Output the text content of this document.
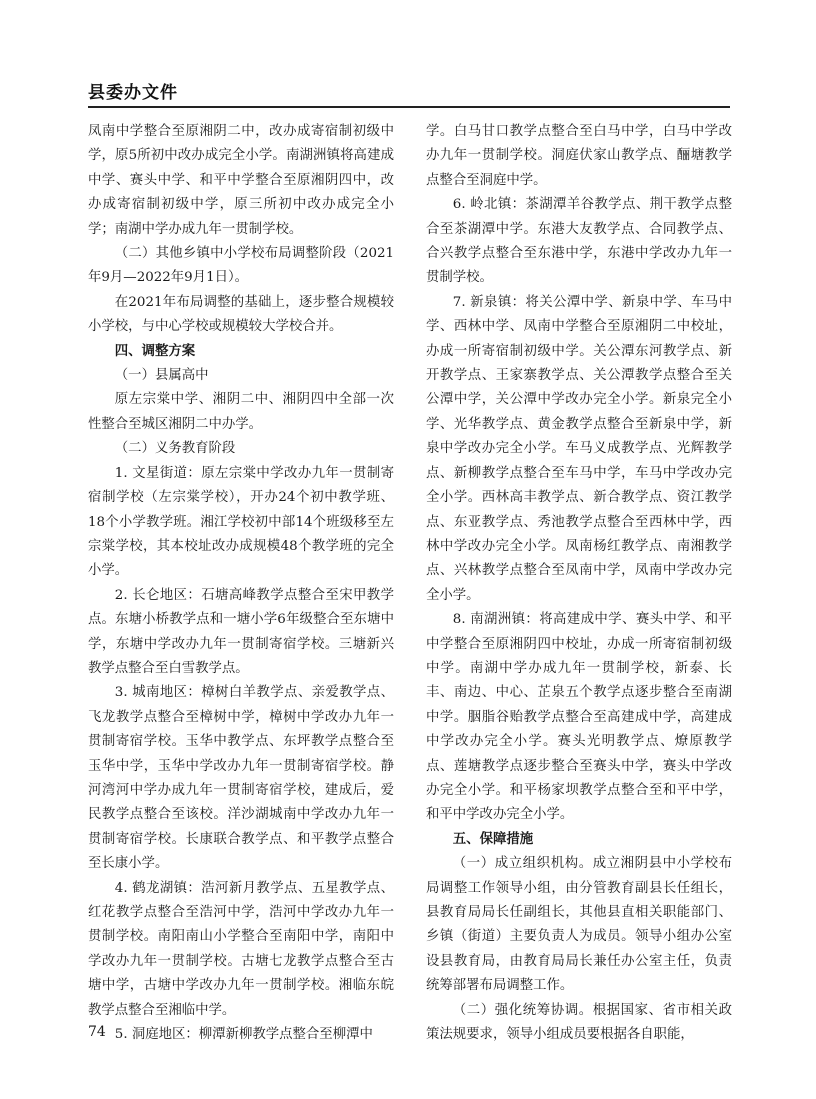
县委办文件

凤南中学整合至原湘阴二中，改办成寄宿制初级中学，原5所初中改办成完全小学。南湖洲镇将高建成中学、赛头中学、和平中学整合至原湘阴四中，改办成寄宿制初级中学，原三所初中改办成完全小学；南湖中学办成九年一贯制学校。

（二）其他乡镇中小学校布局调整阶段（2021年9月—2022年9月1日）。

在2021年布局调整的基础上，逐步整合规模较小学校，与中心学校或规模较大学校合并。

四、调整方案

（一）县属高中

原左宗棠中学、湘阴二中、湘阴四中全部一次性整合至城区湘阴二中办学。

（二）义务教育阶段

1. 文星街道：原左宗棠中学改办九年一贯制寄宿制学校（左宗棠学校），开办24个初中教学班、18个小学教学班。湘江学校初中部14个班级移至左宗棠学校，其本校址改办成规模48个教学班的完全小学。

2. 长仑地区：石塘高峰教学点整合至宋甲教学点。东塘小桥教学点和一塘小学6年级整合至东塘中学，东塘中学改办九年一贯制寄宿学校。三塘新兴教学点整合至白雪教学点。

3. 城南地区：樟树白羊教学点、亲爱教学点、飞龙教学点整合至樟树中学，樟树中学改办九年一贯制寄宿学校。玉华中教学点、东坪教学点整合至玉华中学，玉华中学改办九年一贯制寄宿学校。静河湾河中学办成九年一贯制寄宿学校，建成后，爱民教学点整合至该校。洋沙湖城南中学改办九年一贯制寄宿学校。长康联合教学点、和平教学点整合至长康小学。

4. 鹤龙湖镇：浩河新月教学点、五星教学点、红花教学点整合至浩河中学，浩河中学改办九年一贯制学校。南阳南山小学整合至南阳中学，南阳中学改办九年一贯制学校。古塘七龙教学点整合至古塘中学，古塘中学改办九年一贯制学校。湘临东皖教学点整合至湘临中学。

5. 洞庭地区：柳潭新柳教学点整合至柳潭中

学。白马甘口教学点整合至白马中学，白马中学改办九年一贯制学校。洞庭伏家山教学点、酾塘教学点整合至洞庭中学。

6. 岭北镇：茶湖潭羊谷教学点、荆干教学点整合至茶湖潭中学。东港大友教学点、合同教学点、合兴教学点整合至东港中学，东港中学改办九年一贯制学校。

7. 新泉镇：将关公潭中学、新泉中学、车马中学、西林中学、凤南中学整合至原湘阴二中校址，办成一所寄宿制初级中学。关公潭东河教学点、新开教学点、王家寨教学点、关公潭教学点整合至关公潭中学，关公潭中学改办完全小学。新泉完全小学、光华教学点、黄金教学点整合至新泉中学，新泉中学改办完全小学。车马义成教学点、光辉教学点、新柳教学点整合至车马中学，车马中学改办完全小学。西林高丰教学点、新合教学点、资江教学点、东亚教学点、秀池教学点整合至西林中学，西林中学改办完全小学。凤南杨红教学点、南湘教学点、兴林教学点整合至凤南中学，凤南中学改办完全小学。

8. 南湖洲镇：将高建成中学、赛头中学、和平中学整合至原湘阴四中校址，办成一所寄宿制初级中学。南湖中学办成九年一贯制学校，新泰、长丰、南边、中心、芷泉五个教学点逐步整合至南湖中学。胭脂谷贻教学点整合至高建成中学，高建成中学改办完全小学。赛头光明教学点、燎原教学点、莲塘教学点逐步整合至赛头中学，赛头中学改办完全小学。和平杨家坝教学点整合至和平中学，和平中学改办完全小学。

五、保障措施

（一）成立组织机构。成立湘阴县中小学校布局调整工作领导小组，由分管教育副县长任组长，县教育局局长任副组长，其他县直相关职能部门、乡镇（街道）主要负责人为成员。领导小组办公室设县教育局，由教育局局长兼任办公室主任，负责统筹部署布局调整工作。

（二）强化统筹协调。根据国家、省市相关政策法规要求，领导小组成员要根据各自职能，

74
